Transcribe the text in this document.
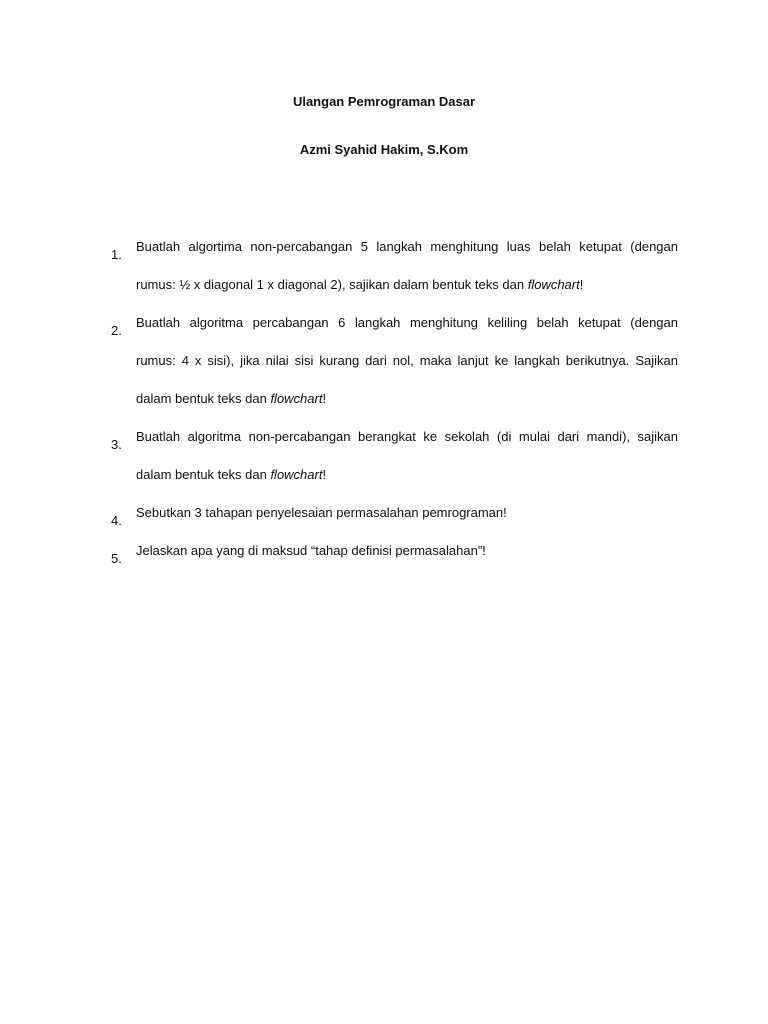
Ulangan Pemrograman Dasar
Azmi Syahid Hakim, S.Kom
1.
Buatlah algortima non-percabangan 5 langkah menghitung luas belah ketupat (dengan
rumus: ½ x diagonal 1 x diagonal 2), sajikan dalam bentuk teks dan flowchart!
2.
Buatlah algoritma percabangan 6 langkah menghitung keliling belah ketupat (dengan
rumus: 4 x sisi), jika nilai sisi kurang dari nol, maka lanjut ke langkah berikutnya. Sajikan
dalam bentuk teks dan flowchart!
3.
Buatlah algoritma non-percabangan berangkat ke sekolah (di mulai dari mandi), sajikan
dalam bentuk teks dan flowchart!
4.
Sebutkan 3 tahapan penyelesaian permasalahan pemrograman!
5.
Jelaskan apa yang di maksud “tahap definisi permasalahan”!
